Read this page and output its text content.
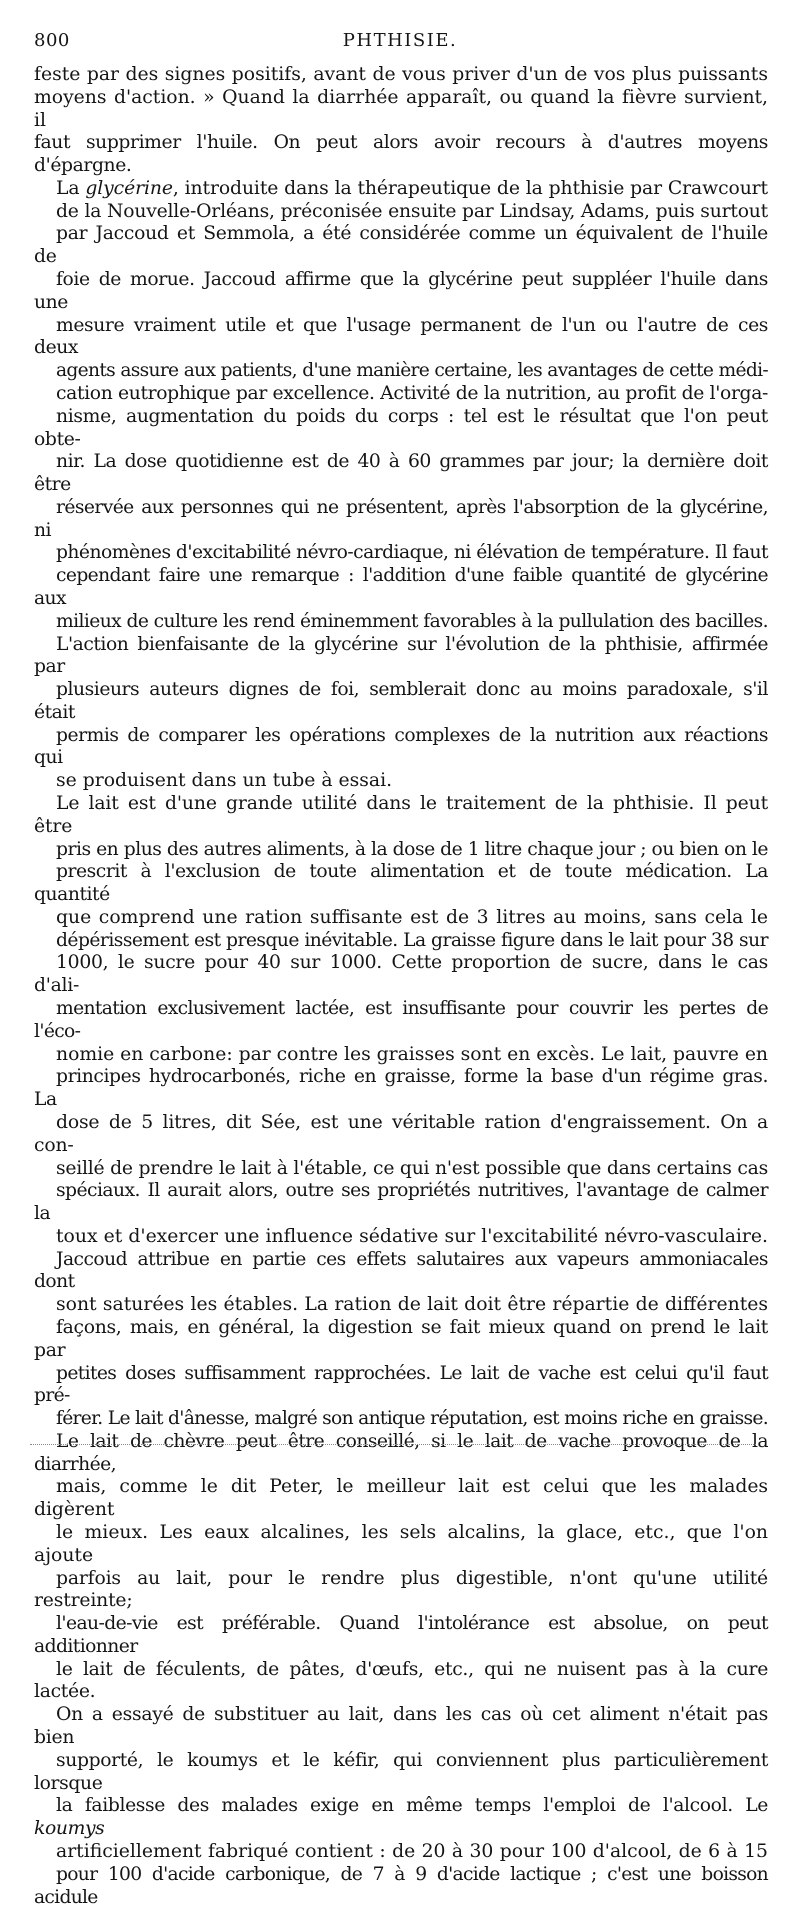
800	PHTHISIE.
feste par des signes positifs, avant de vous priver d'un de vos plus puissants
moyens d'action. » Quand la diarrhée apparaît, ou quand la fièvre survient, il
faut supprimer l'huile. On peut alors avoir recours à d'autres moyens d'épargne.
La glycérine, introduite dans la thérapeutique de la phthisie par Crawcourt
de la Nouvelle-Orléans, préconisée ensuite par Lindsay, Adams, puis surtout
par Jaccoud et Semmola, a été considérée comme un équivalent de l'huile de
foie de morue. Jaccoud affirme que la glycérine peut suppléer l'huile dans une
mesure vraiment utile et que l'usage permanent de l'un ou l'autre de ces deux
agents assure aux patients, d'une manière certaine, les avantages de cette médi-
cation eutrophique par excellence. Activité de la nutrition, au profit de l'orga-
nisme, augmentation du poids du corps : tel est le résultat que l'on peut obte-
nir. La dose quotidienne est de 40 à 60 grammes par jour; la dernière doit être
réservée aux personnes qui ne présentent, après l'absorption de la glycérine, ni
phénomènes d'excitabilité névro-cardiaque, ni élévation de température. Il faut
cependant faire une remarque : l'addition d'une faible quantité de glycérine aux
milieux de culture les rend éminemment favorables à la pullulation des bacilles.
L'action bienfaisante de la glycérine sur l'évolution de la phthisie, affirmée par
plusieurs auteurs dignes de foi, semblerait donc au moins paradoxale, s'il était
permis de comparer les opérations complexes de la nutrition aux réactions qui
se produisent dans un tube à essai.
Le lait est d'une grande utilité dans le traitement de la phthisie. Il peut être
pris en plus des autres aliments, à la dose de 1 litre chaque jour ; ou bien on le
prescrit à l'exclusion de toute alimentation et de toute médication. La quantité
que comprend une ration suffisante est de 3 litres au moins, sans cela le
dépérissement est presque inévitable. La graisse figure dans le lait pour 38 sur
1000, le sucre pour 40 sur 1000. Cette proportion de sucre, dans le cas d'ali-
mentation exclusivement lactée, est insuffisante pour couvrir les pertes de l'éco-
nomie en carbone: par contre les graisses sont en excès. Le lait, pauvre en
principes hydrocarbonés, riche en graisse, forme la base d'un régime gras. La
dose de 5 litres, dit Sée, est une véritable ration d'engraissement. On a con-
seillé de prendre le lait à l'étable, ce qui n'est possible que dans certains cas
spéciaux. Il aurait alors, outre ses propriétés nutritives, l'avantage de calmer la
toux et d'exercer une influence sédative sur l'excitabilité névro-vasculaire.
Jaccoud attribue en partie ces effets salutaires aux vapeurs ammoniacales dont
sont saturées les étables. La ration de lait doit être répartie de différentes
façons, mais, en général, la digestion se fait mieux quand on prend le lait par
petites doses suffisamment rapprochées. Le lait de vache est celui qu'il faut pré-
férer. Le lait d'ânesse, malgré son antique réputation, est moins riche en graisse.
Le lait de chèvre peut être conseillé, si le lait de vache provoque de la diarrhée,
mais, comme le dit Peter, le meilleur lait est celui que les malades digèrent
le mieux. Les eaux alcalines, les sels alcalins, la glace, etc., que l'on ajoute
parfois au lait, pour le rendre plus digestible, n'ont qu'une utilité restreinte;
l'eau-de-vie est préférable. Quand l'intolérance est absolue, on peut additionner
le lait de féculents, de pâtes, d'œufs, etc., qui ne nuisent pas à la cure lactée.
On a essayé de substituer au lait, dans les cas où cet aliment n'était pas bien
supporté, le koumys et le kéfir, qui conviennent plus particulièrement lorsque
la faiblesse des malades exige en même temps l'emploi de l'alcool. Le koumys
artificiellement fabriqué contient : de 20 à 30 pour 100 d'alcool, de 6 à 15
pour 100 d'acide carbonique, de 7 à 9 d'acide lactique ; c'est une boisson acidule
